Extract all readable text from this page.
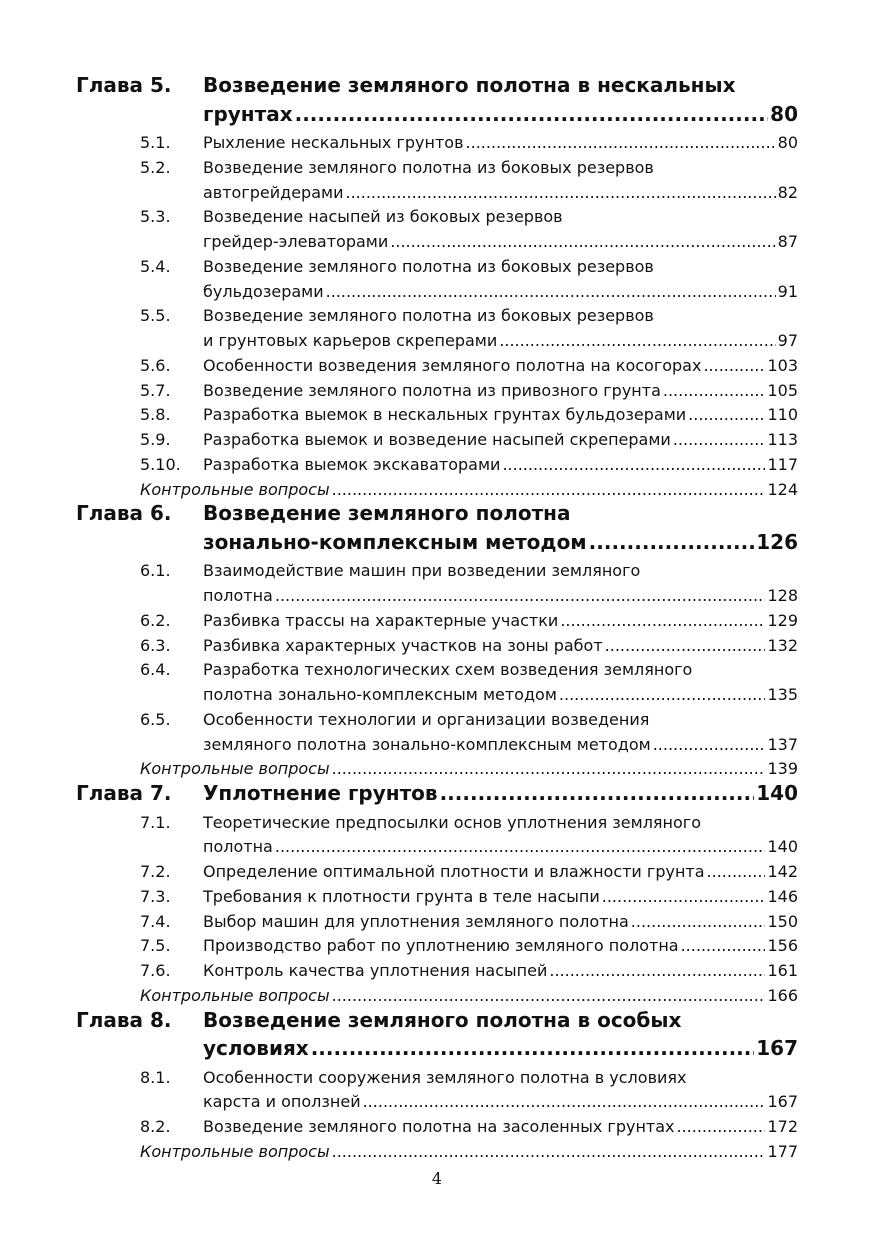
Глава 5. Возведение земляного полотна в нескальных
грунтах .....	80
5.1. Рыхление нескальных грунтов .....	80
5.2. Возведение земляного полотна из боковых резервов
автогрейдерами .....	82
5.3. Возведение насыпей из боковых резервов
грейдер-элеваторами .....	87
5.4. Возведение земляного полотна из боковых резервов
бульдозерами .....	91
5.5. Возведение земляного полотна из боковых резервов
и грунтовых карьеров скреперами .....	97
5.6. Особенности возведения земляного полотна на косогорах .....	103
5.7. Возведение земляного полотна из привозного грунта .....	105
5.8. Разработка выемок в нескальных грунтах бульдозерами .....	110
5.9. Разработка выемок и возведение насыпей скреперами .....	113
5.10. Разработка выемок экскаваторами .....	117
Контрольные вопросы .....	124
Глава 6. Возведение земляного полотна
зонально-комплексным методом .....	126
6.1. Взаимодействие машин при возведении земляного
полотна .....	128
6.2. Разбивка трассы на характерные участки .....	129
6.3. Разбивка характерных участков на зоны работ .....	132
6.4. Разработка технологических схем возведения земляного
полотна зонально-комплексным методом .....	135
6.5. Особенности технологии и организации возведения
земляного полотна зонально-комплексным методом .....	137
Контрольные вопросы .....	139
Глава 7. Уплотнение грунтов .....	140
7.1. Теоретические предпосылки основ уплотнения земляного
полотна .....	140
7.2. Определение оптимальной плотности и влажности грунта .....	142
7.3. Требования к плотности грунта в теле насыпи .....	146
7.4. Выбор машин для уплотнения земляного полотна .....	150
7.5. Производство работ по уплотнению земляного полотна .....	156
7.6. Контроль качества уплотнения насыпей .....	161
Контрольные вопросы .....	166
Глава 8. Возведение земляного полотна в особых
условиях .....	167
8.1. Особенности сооружения земляного полотна в условиях
карста и оползней .....	167
8.2. Возведение земляного полотна на засоленных грунтах .....	172
Контрольные вопросы .....	177
4
